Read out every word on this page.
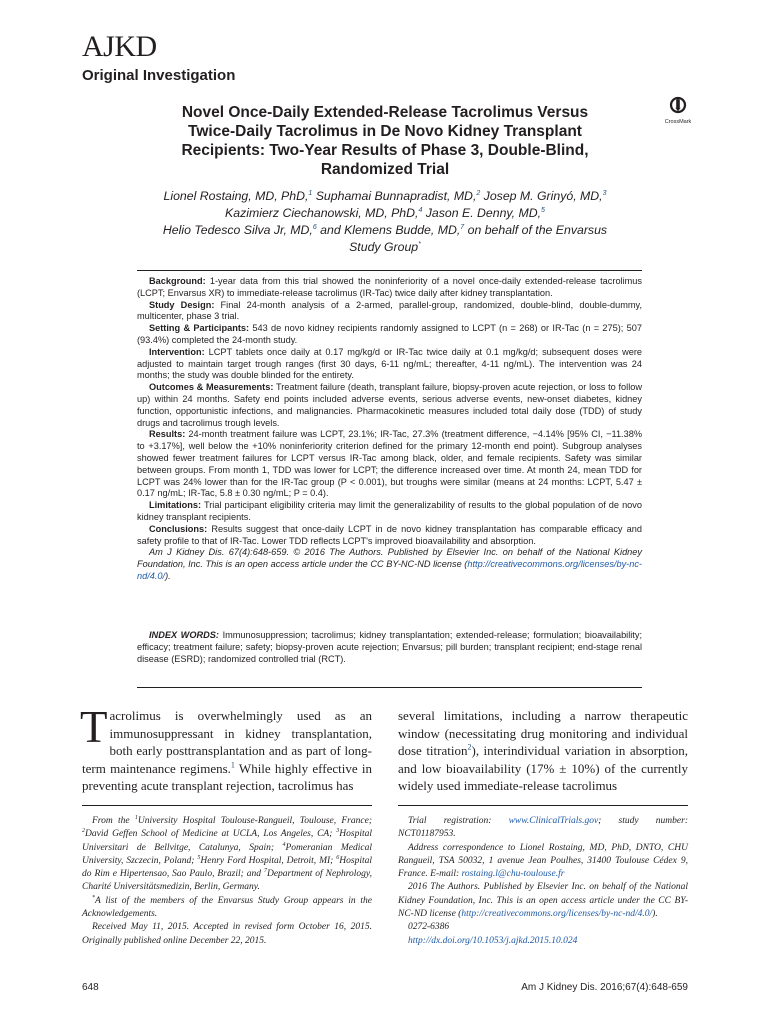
AJKD
Original Investigation
CrossMark
Novel Once-Daily Extended-Release Tacrolimus Versus
Twice-Daily Tacrolimus in De Novo Kidney Transplant
Recipients: Two-Year Results of Phase 3, Double-Blind,
Randomized Trial
Lionel Rostaing, MD, PhD,$^1$ Suphamai Bunnapradist, MD,$^2$ Josep M. Grinyó, MD,$^3$
Kazimierz Ciechanowski, MD, PhD,$^4$ Jason E. Denny, MD,$^5$
Helio Tedesco Silva Jr, MD,$^6$ and Klemens Budde, MD,$^7$ on behalf of the Envarsus
Study Group*

Background: 1-year data from this trial showed the noninferiority of a novel once-daily extended-release tacrolimus (LCPT; Envarsus XR) to immediate-release tacrolimus (IR-Tac) twice daily after kidney transplantation.

Study Design: Final 24-month analysis of a 2-armed, parallel-group, randomized, double-blind, double-dummy, multicenter, phase 3 trial.

Setting & Participants: 543 de novo kidney recipients randomly assigned to LCPT (n = 268) or IR-Tac (n = 275); 507 (93.4%) completed the 24-month study.

Intervention: LCPT tablets once daily at 0.17 mg/kg/d or IR-Tac twice daily at 0.1 mg/kg/d; subsequent doses were adjusted to maintain target trough ranges (first 30 days, 6-11 ng/mL; thereafter, 4-11 ng/mL). The intervention was 24 months; the study was double blinded for the entirety.

Outcomes & Measurements: Treatment failure (death, transplant failure, biopsy-proven acute rejection, or loss to follow up) within 24 months. Safety end points included adverse events, serious adverse events, new-onset diabetes, kidney function, opportunistic infections, and malignancies. Pharmacokinetic measures included total daily dose (TDD) of study drugs and tacrolimus trough levels.

Results: 24-month treatment failure was LCPT, 23.1%; IR-Tac, 27.3% (treatment difference, −4.14% [95% CI, −11.38% to +3.17%], well below the +10% noninferiority criterion defined for the primary 12-month end point). Subgroup analyses showed fewer treatment failures for LCPT versus IR-Tac among black, older, and female recipients. Safety was similar between groups. From month 1, TDD was lower for LCPT; the difference increased over time. At month 24, mean TDD for LCPT was 24% lower than for the IR-Tac group (P < 0.001), but troughs were similar (means at 24 months: LCPT, 5.47 ± 0.17 ng/mL; IR-Tac, 5.8 ± 0.30 ng/mL; P = 0.4).

Limitations: Trial participant eligibility criteria may limit the generalizability of results to the global population of de novo kidney transplant recipients.

Conclusions: Results suggest that once-daily LCPT in de novo kidney transplantation has comparable efficacy and safety profile to that of IR-Tac. Lower TDD reflects LCPT's improved bioavailability and absorption.

Am J Kidney Dis. 67(4):648-659. © 2016 The Authors. Published by Elsevier Inc. on behalf of the National Kidney Foundation, Inc. This is an open access article under the CC BY-NC-ND license (http://creativecommons.org/licenses/by-nc-nd/4.0/).

INDEX WORDS: Immunosuppression; tacrolimus; kidney transplantation; extended-release; formulation; bioavailability; efficacy; treatment failure; safety; biopsy-proven acute rejection; Envarsus; pill burden; transplant recipient; end-stage renal disease (ESRD); randomized controlled trial (RCT).

Tacrolimus is overwhelmingly used as an immunosuppressant in kidney transplantation, both early posttransplantation and as part of long-term maintenance regimens.$^1$ While highly effective in preventing acute transplant rejection, tacrolimus has
several limitations, including a narrow therapeutic window (necessitating drug monitoring and individual dose titration$^2$), interindividual variation in absorption, and low bioavailability (17% ± 10%) of the currently widely used immediate-release tacrolimus

From the $^1$University Hospital Toulouse-Rangueil, Toulouse, France; $^2$David Geffen School of Medicine at UCLA, Los Angeles, CA; $^3$Hospital Universitari de Bellvitge, Catalunya, Spain; $^4$Pomeranian Medical University, Szczecin, Poland; $^5$Henry Ford Hospital, Detroit, MI; $^6$Hospital do Rim e Hipertensao, Sao Paulo, Brazil; and $^7$Department of Nephrology, Charité Universitätsmedizin, Berlin, Germany.

*A list of the members of the Envarsus Study Group appears in the Acknowledgements.

Received May 11, 2015. Accepted in revised form October 16, 2015. Originally published online December 22, 2015.

Trial registration: www.ClinicalTrials.gov; study number: NCT01187953.

Address correspondence to Lionel Rostaing, MD, PhD, DNTO, CHU Rangueil, TSA 50032, 1 avenue Jean Poulhes, 31400 Toulouse Cédex 9, France. E-mail: rostaing.l@chu-toulouse.fr

2016 The Authors. Published by Elsevier Inc. on behalf of the National Kidney Foundation, Inc. This is an open access article under the CC BY-NC-ND license (http://creativecommons.org/licenses/by-nc-nd/4.0/).

0272-6386

http://dx.doi.org/10.1053/j.ajkd.2015.10.024

648	Am J Kidney Dis. 2016;67(4):648-659
